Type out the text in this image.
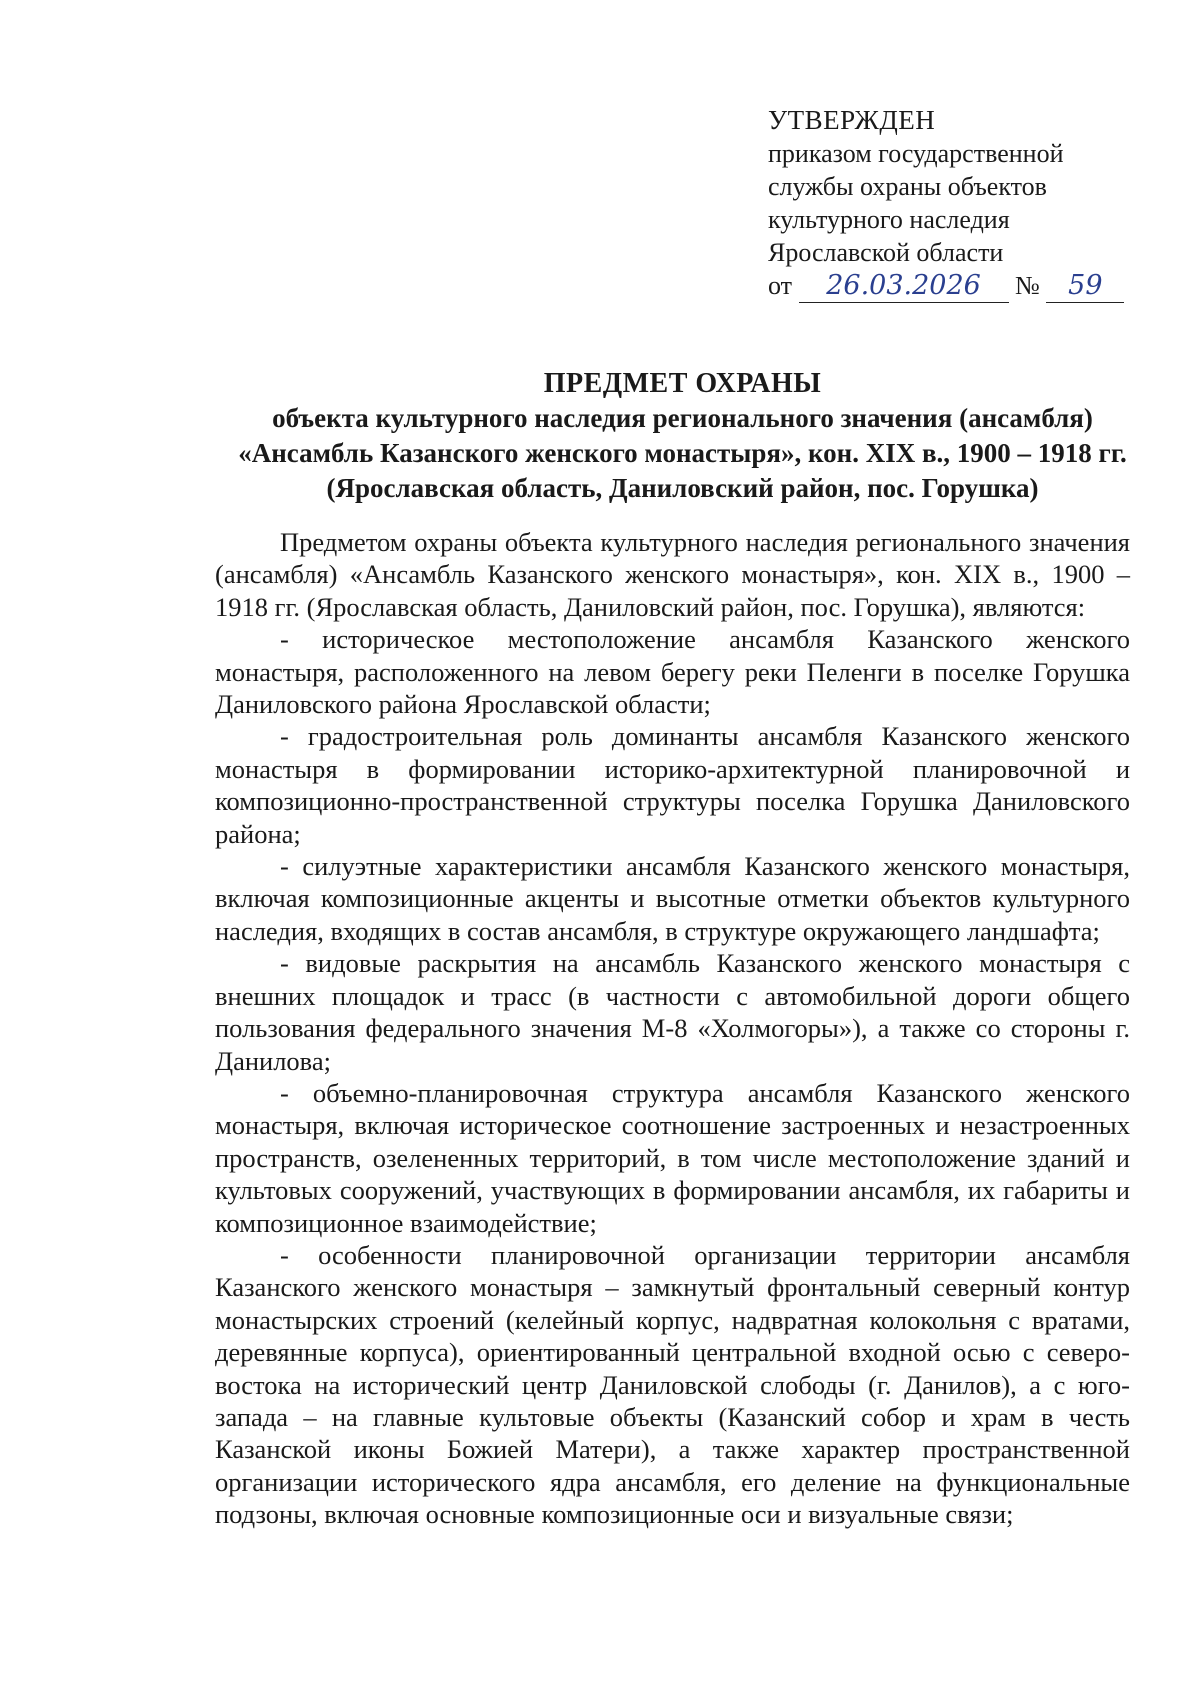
УТВЕРЖДЕН
приказом государственной
службы охраны объектов
культурного наследия
Ярославской области
от 26.03.2026 № 59
ПРЕДМЕТ ОХРАНЫ
объекта культурного наследия регионального значения (ансамбля)
«Ансамбль Казанского женского монастыря», кон. XIX в., 1900 – 1918 гг.
(Ярославская область, Даниловский район, пос. Горушка)

Предметом охраны объекта культурного наследия регионального значения (ансамбля) «Ансамбль Казанского женского монастыря», кон. XIX в., 1900 – 1918 гг. (Ярославская область, Даниловский район, пос. Горушка), являются:

- историческое местоположение ансамбля Казанского женского монастыря, расположенного на левом берегу реки Пеленги в поселке Горушка Даниловского района Ярославской области;

- градостроительная роль доминанты ансамбля Казанского женского монастыря в формировании историко-архитектурной планировочной и композиционно-пространственной структуры поселка Горушка Даниловского района;

- силуэтные характеристики ансамбля Казанского женского монастыря, включая композиционные акценты и высотные отметки объектов культурного наследия, входящих в состав ансамбля, в структуре окружающего ландшафта;

- видовые раскрытия на ансамбль Казанского женского монастыря с внешних площадок и трасс (в частности с автомобильной дороги общего пользования федерального значения М-8 «Холмогоры»), а также со стороны г. Данилова;

- объемно-планировочная структура ансамбля Казанского женского монастыря, включая историческое соотношение застроенных и незастроенных пространств, озелененных территорий, в том числе местоположение зданий и культовых сооружений, участвующих в формировании ансамбля, их габариты и композиционное взаимодействие;

- особенности планировочной организации территории ансамбля Казанского женского монастыря – замкнутый фронтальный северный контур монастырских строений (келейный корпус, надвратная колокольня с вратами, деревянные корпуса), ориентированный центральной входной осью с северо-востока на исторический центр Даниловской слободы (г. Данилов), а с юго-запада – на главные культовые объекты (Казанский собор и храм в честь Казанской иконы Божией Матери), а также характер пространственной организации исторического ядра ансамбля, его деление на функциональные подзоны, включая основные композиционные оси и визуальные связи;
